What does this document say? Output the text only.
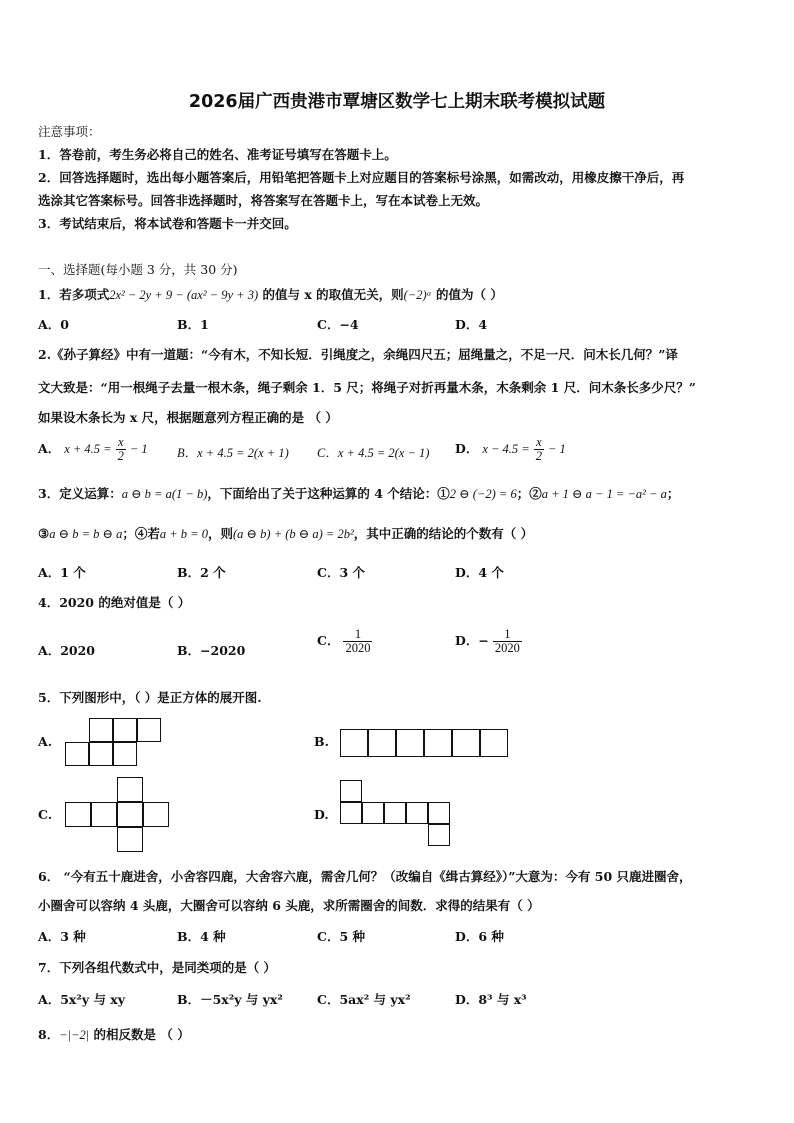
2026届广西贵港市覃塘区数学七上期末联考模拟试题
注意事项：
1．答卷前，考生务必将自己的姓名、准考证号填写在答题卡上。
2．回答选择题时，选出每小题答案后，用铅笔把答题卡上对应题目的答案标号涂黑，如需改动，用橡皮擦干净后，再
选涂其它答案标号。回答非选择题时，将答案写在答题卡上，写在本试卷上无效。
3．考试结束后，将本试卷和答题卡一并交回。
一、选择题(每小题 3 分，共 30 分)
1．若多项式2x² − 2y + 9 − (ax² − 9y + 3) 的值与 x 的取值无关，则(−2)ᵃ 的值为（ ）
A．0	B．1	C．−4	D．4
2.《孙子算经》中有一道题：“今有木，不知长短．引绳度之，余绳四尺五；屈绳量之，不足一尺．问木长几何？”译
文大致是：“用一根绳子去量一根木条，绳子剩余 1．5 尺；将绳子对折再量木条，木条剩余 1 尺．问木条长多少尺？”
如果设木条长为 x 尺，根据题意列方程正确的是 （ ）
A． $x + 4.5 = \frac{x}{2} - 1$ B．x + 4.5 = 2(x + 1) C．x + 4.5 = 2(x − 1) D． $x - 4.5 = \frac{x}{2} - 1$
3．定义运算：a ⊖ b = a(1 − b)，下面给出了关于这种运算的 4 个结论：①2 ⊖ (−2) = 6；②a + 1 ⊖ a − 1 = −a² − a；
③a ⊖ b = b ⊖ a；④若a + b = 0，则(a ⊖ b) + (b ⊖ a) = 2b²，其中正确的结论的个数有（ ）
A．1 个	B．2 个	C．3 个	D．4 个
4．2020 的绝对值是（ ）
A．2020	B．−2020
C． $\frac{1}{2020}$	D．− $\frac{1}{2020}$
5．下列图形中，（ ）是正方体的展开图.
A.	B.
C.	D.
6． “今有五十鹿进舍，小舍容四鹿，大舍容六鹿，需舍几何？（改编自《缉古算经》）”大意为：今有 50 只鹿进圈舍，
小圈舍可以容纳 4 头鹿，大圈舍可以容纳 6 头鹿，求所需圈舍的间数．求得的结果有（ ）
A．3 种	B．4 种	C．5 种	D．6 种
7．下列各组代数式中，是同类项的是（ ）
A．5x²y 与 xy	B．－5x²y 与 yx²	C．5ax² 与 yx²	D．8³ 与 x³
8．−|−2| 的相反数是 （ ）
